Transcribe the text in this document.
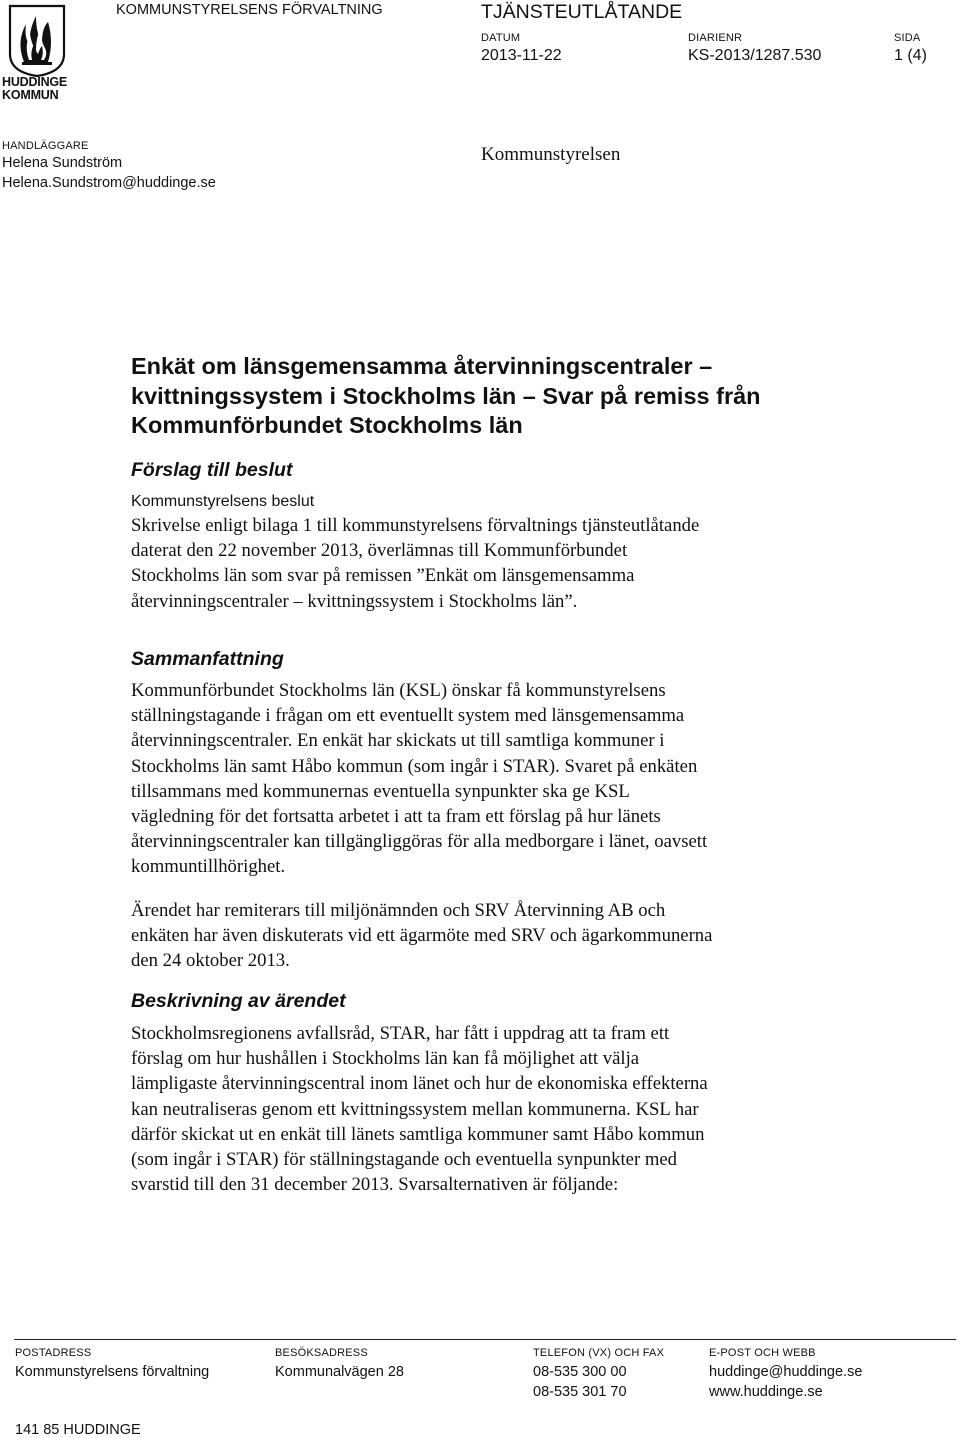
HUDDINGE
KOMMUN
KOMMUNSTYRELSENS FÖRVALTNING	TJÄNSTEUTLÅTANDE
DATUM
2013-11-22
DIARIENR
KS-2013/1287.530
SIDA
1 (4)
HANDLÄGGARE
Helena Sundström
Helena.Sundstrom@huddinge.se
Kommunstyrelsen
Enkät om länsgemensamma återvinningscentraler –
kvittningssystem i Stockholms län – Svar på remiss från
Kommunförbundet Stockholms län
Förslag till beslut
Kommunstyrelsens beslut
Skrivelse enligt bilaga 1 till kommunstyrelsens förvaltnings tjänsteutlåtande
daterat den 22 november 2013, överlämnas till Kommunförbundet
Stockholms län som svar på remissen ”Enkät om länsgemensamma
återvinningscentraler – kvittningssystem i Stockholms län”.
Sammanfattning
Kommunförbundet Stockholms län (KSL) önskar få kommunstyrelsens
ställningstagande i frågan om ett eventuellt system med länsgemensamma
återvinningscentraler. En enkät har skickats ut till samtliga kommuner i
Stockholms län samt Håbo kommun (som ingår i STAR). Svaret på enkäten
tillsammans med kommunernas eventuella synpunkter ska ge KSL
vägledning för det fortsatta arbetet i att ta fram ett förslag på hur länets
återvinningscentraler kan tillgängliggöras för alla medborgare i länet, oavsett
kommuntillhörighet.
Ärendet har remiterars till miljönämnden och SRV Återvinning AB och
enkäten har även diskuterats vid ett ägarmöte med SRV och ägarkommunerna
den 24 oktober 2013.
Beskrivning av ärendet
Stockholmsregionens avfallsråd, STAR, har fått i uppdrag att ta fram ett
förslag om hur hushållen i Stockholms län kan få möjlighet att välja
lämpligaste återvinningscentral inom länet och hur de ekonomiska effekterna
kan neutraliseras genom ett kvittningssystem mellan kommunerna. KSL har
därför skickat ut en enkät till länets samtliga kommuner samt Håbo kommun
(som ingår i STAR) för ställningstagande och eventuella synpunkter med
svarstid till den 31 december 2013. Svarsalternativen är följande:
POSTADRESS
Kommunstyrelsens förvaltning
141 85 HUDDINGE
BESÖKSADRESS
Kommunalvägen 28
TELEFON (VX) OCH FAX
08-535 300 00
08-535 301 70
E-POST OCH WEBB
huddinge@huddinge.se
www.huddinge.se
